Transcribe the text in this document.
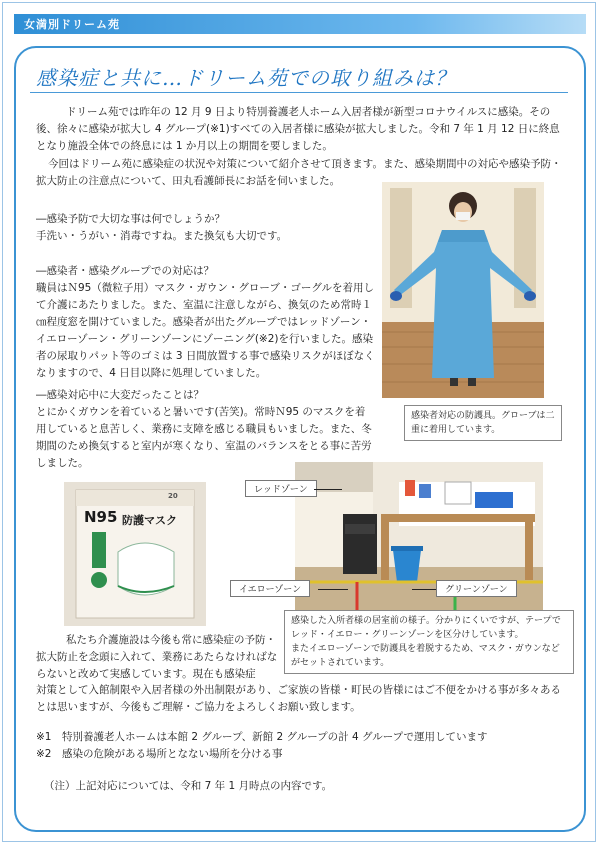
女満別ドリーム苑
感染症と共に…ドリーム苑での取り組みは？

ドリーム苑では昨年の 12 月 9 日より特別養護老人ホーム入居者様が新型コロナウイルスに感染。その後、徐々に感染が拡大し 4 グループ(※1)すべての入居者様に感染が拡大しました。令和 7 年 1 月 12 日に終息となり施設全体での終息には 1 か月以上の期間を要しました。

今回はドリーム苑に感染症の状況や対策について紹介させて頂きます。また、感染期間中の対応や感染予防・拡大防止の注意点について、田丸看護師長にお話を伺いました。

―感染予防で大切な事は何でしょうか？

手洗い・うがい・消毒ですね。また換気も大切です。

―感染者・感染グループでの対応は？

職員はＮ95（微粒子用）マスク・ガウン・グローブ・ゴーグルを着用して介護にあたりました。また、室温に注意しながら、換気のため常時１㎝程度窓を開けていました。感染者が出たグループではレッドゾーン・イエローゾーン・グリーンゾーンにゾーニング(※2)を行いました。感染者の尿取りパット等のゴミは 3 日間放置する事で感染リスクがほぼなくなりますので、4 日目以降に処理していました。

―感染対応中に大変だったことは？

とにかくガウンを着ていると暑いです(苦笑)。常時Ｎ95 のマスクを着用していると息苦しく、業務に支障を感じる職員もいました。また、冬期間のため換気すると室内が寒くなり、室温のバランスをとる事に苦労しました。

感染者対応の防護具。グローブは二重に着用しています。
20
N95 防護マスク
レッドゾーン
イエローゾーン	グリーンゾーン
感染した入所者様の居室前の様子。分かりにくいですが、テープでレッド・イエロー・グリーンゾーンを区分けしています。
またイエローゾーンで防護具を着脱するため、マスク・ガウンなどがセットされています。

私たち介護施設は今後も常に感染症の予防・拡大防止を念頭に入れて、業務にあたらなければならないと改めて実感しています。現在も感染症

対策として入館制限や入居者様の外出制限があり、ご家族の皆様・町民の皆様にはご不便をかける事が多々あるとは思いますが、今後もご理解・ご協力をよろしくお願い致します。

※1　特別養護老人ホームは本館 2 グループ、新館 2 グループの計 4 グループで運用しています

※2　感染の危険がある場所となない場所を分ける事

（注）上記対応については、令和 7 年 1 月時点の内容です。
